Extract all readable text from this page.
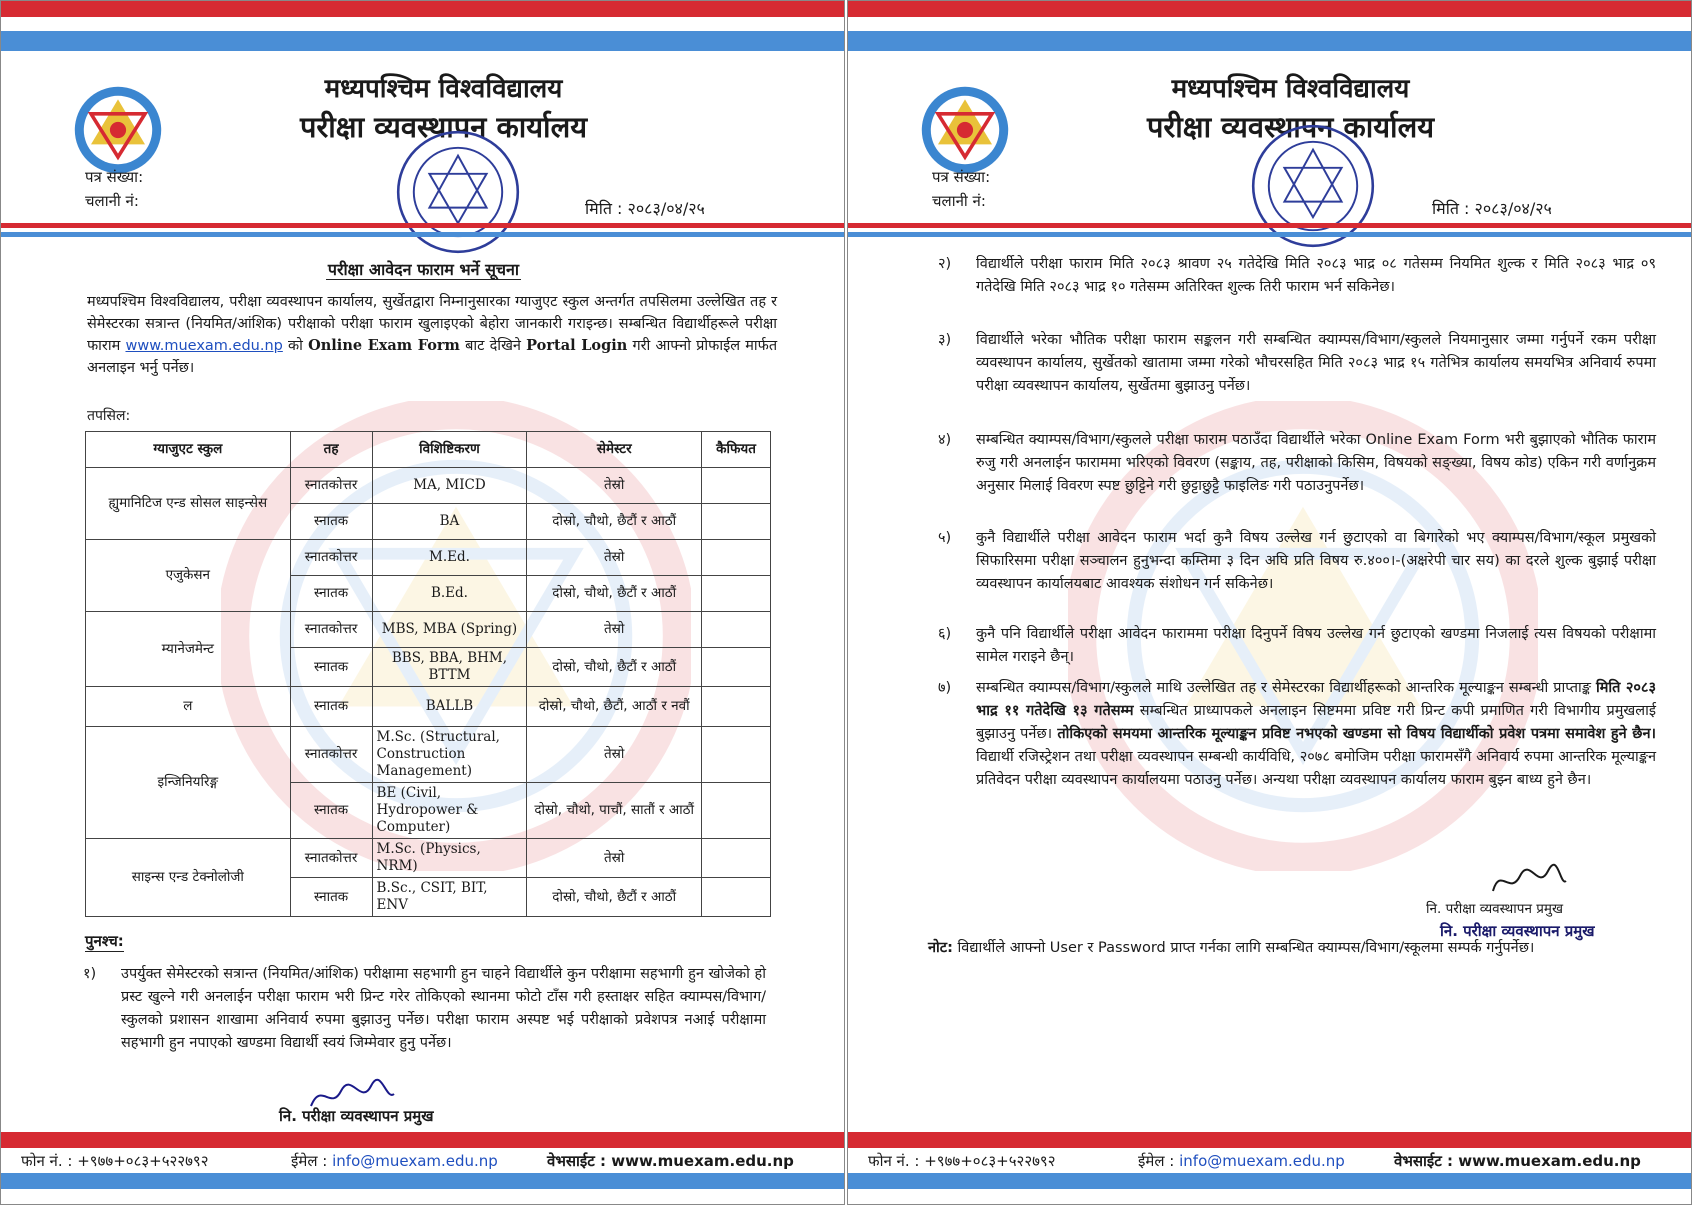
मध्यपश्चिम विश्वविद्यालय
परीक्षा व्यवस्थापन कार्यालय
पत्र संख्या:
चलानी नं:	मिति : २०८३/०४/२५
परीक्षा आवेदन फाराम भर्ने सूचना
मध्यपश्चिम विश्वविद्यालय, परीक्षा व्यवस्थापन कार्यालय, सुर्खेतद्वारा निम्नानुसारका ग्याजुएट स्कुल अन्तर्गत तपसिलमा उल्लेखित तह र सेमेस्टरका सत्रान्त (नियमित/आंशिक) परीक्षाको परीक्षा फाराम खुलाइएको बेहोरा जानकारी गराइन्छ। सम्बन्धित विद्यार्थीहरूले परीक्षा फाराम www.muexam.edu.np को Online Exam Form बाट देखिने Portal Login गरी आफ्नो प्रोफाईल मार्फत अनलाइन भर्नु पर्नेछ।
तपसिल:
ग्याजुएट स्कुल	तह	विशिष्टिकरण	सेमेस्टर	कैफियत
ह्युमानिटिज एन्ड सोसल साइन्सेस	स्नातकोत्तर	MA, MICD	तेस्रो	
	स्नातक	BA	दोस्रो, चौथो, छैटौं र आठौं	
एजुकेसन	स्नातकोत्तर	M.Ed.	तेस्रो	
	स्नातक	B.Ed.	दोस्रो, चौथो, छैटौं र आठौं	
म्यानेजमेन्ट	स्नातकोत्तर	MBS, MBA (Spring)	तेस्रो	
	स्नातक	BBS, BBA, BHM, BTTM	दोस्रो, चौथो, छैटौं र आठौं	
ल	स्नातक	BALLB	दोस्रो, चौथो, छैटौं, आठौं र नवौं	
इन्जिनियरिङ्ग	स्नातकोत्तर	M.Sc. (Structural, Construction Management)	तेस्रो	
	स्नातक	BE (Civil, Hydropower & Computer)	दोस्रो, चौथो, पाचौं, सातौं र आठौं	
साइन्स एन्ड टेक्नोलोजी	स्नातकोत्तर	M.Sc. (Physics, NRM)	तेस्रो	
	स्नातक	B.Sc., CSIT, BIT, ENV	दोस्रो, चौथो, छैटौं र आठौं	
पुनश्च:
१) उपर्युक्त सेमेस्टरको सत्रान्त (नियमित/आंशिक) परीक्षामा सहभागी हुन चाहने विद्यार्थीले कुन परीक्षामा सहभागी हुन खोजेको हो प्रस्ट खुल्ने गरी अनलाईन परीक्षा फाराम भरी प्रिन्ट गरेर तोकिएको स्थानमा फोटो टाँस गरी हस्ताक्षर सहित क्याम्पस/विभाग/स्कुलको प्रशासन शाखामा अनिवार्य रुपमा बुझाउनु पर्नेछ। परीक्षा फाराम अस्पष्ट भई परीक्षाको प्रवेशपत्र नआई परीक्षामा सहभागी हुन नपाएको खण्डमा विद्यार्थी स्वयं जिम्मेवार हुनु पर्नेछ।
नि. परीक्षा व्यवस्थापन प्रमुख
फोन नं. : +९७७+०८३+५२२७९२	ईमेल : info@muexam.edu.np	वेभसाईट : www.muexam.edu.np
मध्यपश्चिम विश्वविद्यालय
परीक्षा व्यवस्थापन कार्यालय
पत्र संख्या:
चलानी नं:	मिति : २०८३/०४/२५
२) विद्यार्थीले परीक्षा फाराम मिति २०८३ श्रावण २५ गतेदेखि मिति २०८३ भाद्र ०८ गतेसम्म नियमित शुल्क र मिति २०८३ भाद्र ०९ गतेदेखि मिति २०८३ भाद्र १० गतेसम्म अतिरिक्त शुल्क तिरी फाराम भर्न सकिनेछ।
३) विद्यार्थीले भरेका भौतिक परीक्षा फाराम सङ्कलन गरी सम्बन्धित क्याम्पस/विभाग/स्कुलले नियमानुसार जम्मा गर्नुपर्ने रकम परीक्षा व्यवस्थापन कार्यालय, सुर्खेतको खातामा जम्मा गरेको भौचरसहित मिति २०८३ भाद्र १५ गतेभित्र कार्यालय समयभित्र अनिवार्य रुपमा परीक्षा व्यवस्थापन कार्यालय, सुर्खेतमा बुझाउनु पर्नेछ।
४) सम्बन्धित क्याम्पस/विभाग/स्कुलले परीक्षा फाराम पठाउँदा विद्यार्थीले भरेका Online Exam Form भरी बुझाएको भौतिक फाराम रुजु गरी अनलाईन फाराममा भरिएको विवरण (सङ्काय, तह, परीक्षाको किसिम, विषयको सङ्ख्या, विषय कोड) एकिन गरी वर्णानुक्रम अनुसार मिलाई विवरण स्पष्ट छुट्टिने गरी छुट्टाछुट्टै फाइलिङ गरी पठाउनुपर्नेछ।
५) कुनै विद्यार्थीले परीक्षा आवेदन फाराम भर्दा कुनै विषय उल्लेख गर्न छुटाएको वा बिगारेको भए क्याम्पस/विभाग/स्कूल प्रमुखको सिफारिसमा परीक्षा सञ्चालन हुनुभन्दा कम्तिमा ३ दिन अघि प्रति विषय रु.४००।-(अक्षरेपी चार सय) का दरले शुल्क बुझाई परीक्षा व्यवस्थापन कार्यालयबाट आवश्यक संशोधन गर्न सकिनेछ।
६) कुनै पनि विद्यार्थीले परीक्षा आवेदन फाराममा परीक्षा दिनुपर्ने विषय उल्लेख गर्न छुटाएको खण्डमा निजलाई त्यस विषयको परीक्षामा सामेल गराइने छैन्।
७) सम्बन्धित क्याम्पस/विभाग/स्कुलले माथि उल्लेखित तह र सेमेस्टरका विद्यार्थीहरूको आन्तरिक मूल्याङ्कन सम्बन्धी प्राप्ताङ्क मिति २०८३ भाद्र ११ गतेदेखि १३ गतेसम्म सम्बन्धित प्राध्यापकले अनलाइन सिष्टममा प्रविष्ट गरी प्रिन्ट कपी प्रमाणित गरी विभागीय प्रमुखलाई बुझाउनु पर्नेछ। तोकिएको समयमा आन्तरिक मूल्याङ्कन प्रविष्ट नभएको खण्डमा सो विषय विद्यार्थीको प्रवेश पत्रमा समावेश हुने छैन। विद्यार्थी रजिस्ट्रेशन तथा परीक्षा व्यवस्थापन सम्बन्धी कार्यविधि, २०७८ बमोजिम परीक्षा फारामसँगै अनिवार्य रुपमा आन्तरिक मूल्याङ्कन प्रतिवेदन परीक्षा व्यवस्थापन कार्यालयमा पठाउनु पर्नेछ। अन्यथा परीक्षा व्यवस्थापन कार्यालय फाराम बुझ्न बाध्य हुने छैन।
नि. परीक्षा व्यवस्थापन प्रमुख
नि. परीक्षा व्यवस्थापन प्रमुख
नोट: विद्यार्थीले आफ्नो User र Password प्राप्त गर्नका लागि सम्बन्धित क्याम्पस/विभाग/स्कूलमा सम्पर्क गर्नुपर्नेछ।
फोन नं. : +९७७+०८३+५२२७९२	ईमेल : info@muexam.edu.np	वेभसाईट : www.muexam.edu.np
